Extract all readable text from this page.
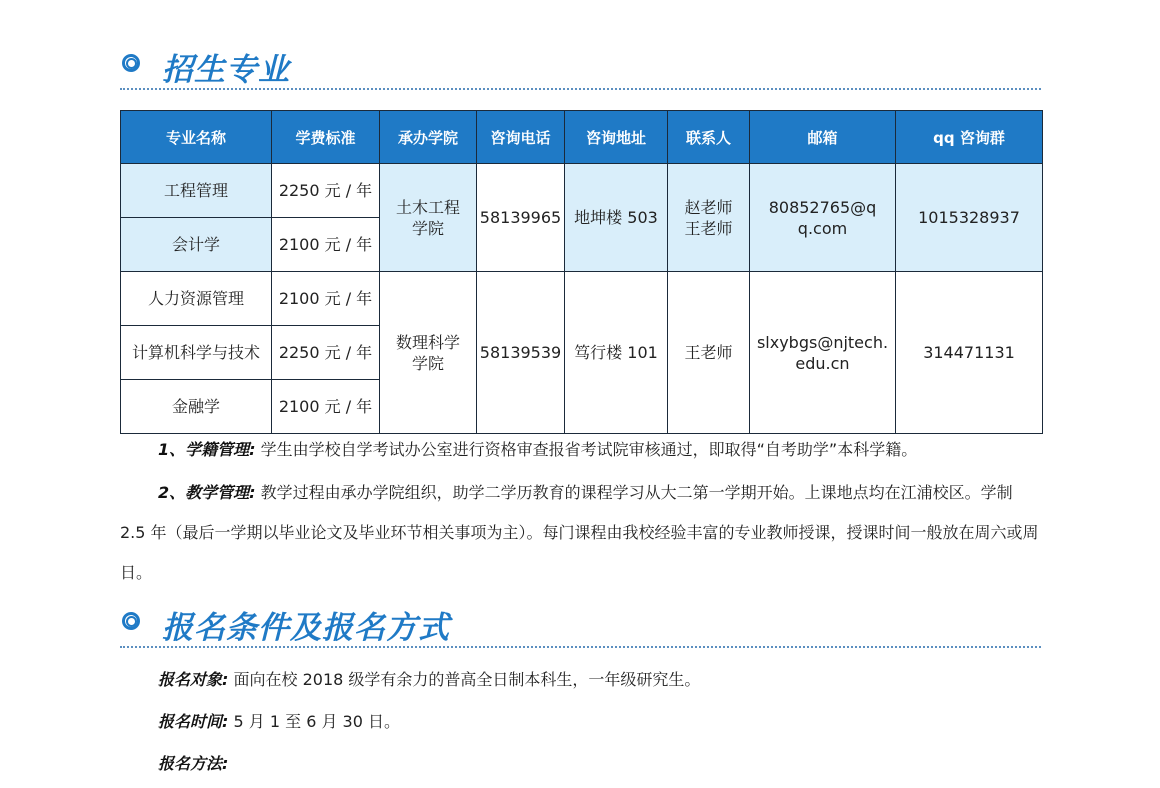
招生专业
专业名称	学费标准	承办学院	咨询电话	咨询地址	联系人	邮箱	qq 咨询群
工程管理	2250 元 / 年	土木工程学院	58139965	地坤楼 503	赵老师王老师	80852765@qq.com	1015328937
会计学	2100 元 / 年						
人力资源管理	2100 元 / 年	数理科学学院	58139539	笃行楼 101	王老师	slxybgs@njtech.edu.cn	314471131
计算机科学与技术	2250 元 / 年						
金融学	2100 元 / 年						
1、学籍管理: 学生由学校自学考试办公室进行资格审查报省考试院审核通过，即取得“自考助学”本科学籍。
2、教学管理: 教学过程由承办学院组织，助学二学历教育的课程学习从大二第一学期开始。上课地点均在江浦校区。学制 2.5 年（最后一学期以毕业论文及毕业环节相关事项为主）。每门课程由我校经验丰富的专业教师授课，授课时间一般放在周六或周日。
报名条件及报名方式
报名对象: 面向在校 2018 级学有余力的普高全日制本科生，一年级研究生。
报名时间: 5 月 1 至 6 月 30 日。
报名方法:
